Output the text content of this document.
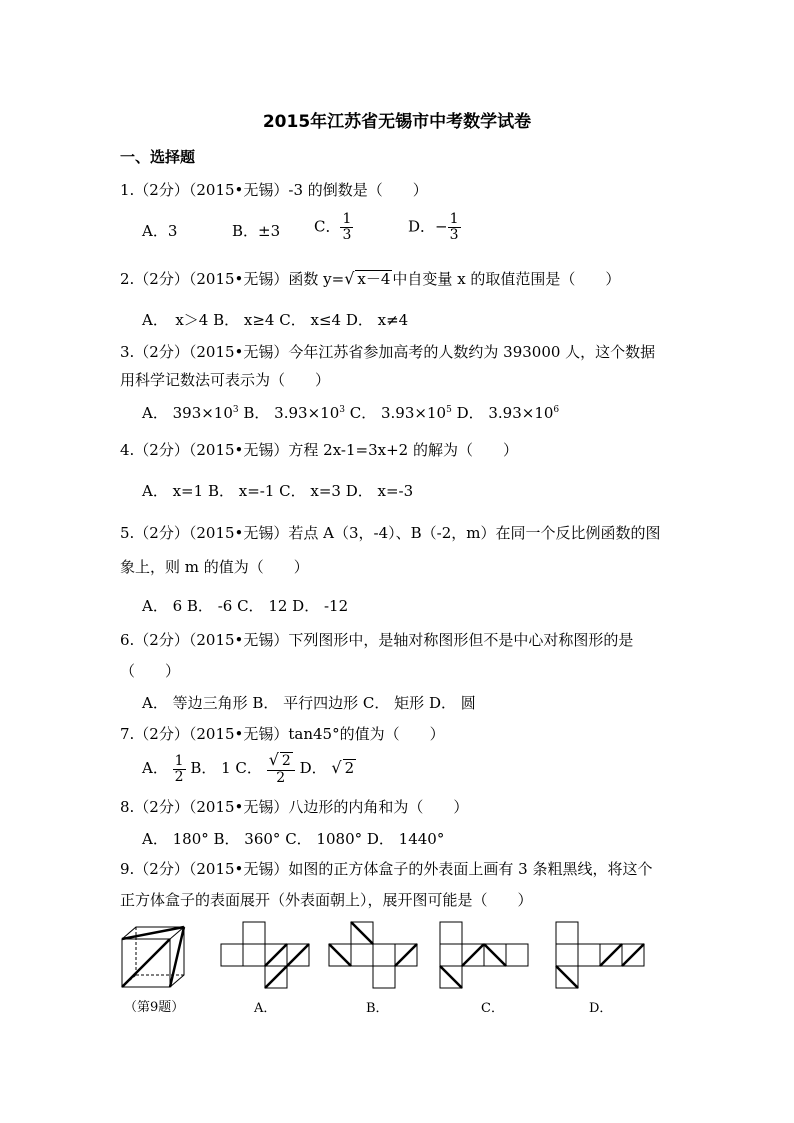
2015年江苏省无锡市中考数学试卷
一、选择题
1.（2分）（2015•无锡）-3 的倒数是（　　）
A．3	B．±3 C． $\frac{1}{3}$	D．− $\frac{1}{3}$
2.（2分）（2015•无锡）函数 y=√ x－4 中自变量 x 的取值范围是（　　）
A．　x＞4 B． x≥4 C． x≤4 D． x≠4
3.（2分）（2015•无锡）今年江苏省参加高考的人数约为 393000 人，这个数据
用科学记数法可表示为（　　）
A． $393\times 10^3$ B． $3.93\times 10^3$ C． $3.93\times 10^5$ D． $3.93\times 10^6$
4.（2分）（2015•无锡）方程 2x-1=3x+2 的解为（　　）
A． x=1 B． x=-1 C． x=3 D． x=-3
5.（2分）（2015•无锡）若点 A（3，-4）、B（-2，m）在同一个反比例函数的图
象上，则 m 的值为（　　）
A． 6 B． -6 C． 12 D． -12
6.（2分）（2015•无锡）下列图形中，是轴对称图形但不是中心对称图形的是
（　　）
A． 等边三角形 B． 平行四边形 C． 矩形 D． 圆
7.（2分）（2015•无锡）tan45°的值为（　　）
A． $\frac{1}{2}$ B． 1 C． $\frac{√ 2}{2}$ D． √ 2
8.（2分）（2015•无锡）八边形的内角和为（　　）
A． 180° B． 360° C． 1080° D． 1440°
9.（2分）（2015•无锡）如图的正方体盒子的外表面上画有 3 条粗黑线，将这个
正方体盒子的表面展开（外表面朝上），展开图可能是（　　）
（第9题）	A．	B．	C．	D．
